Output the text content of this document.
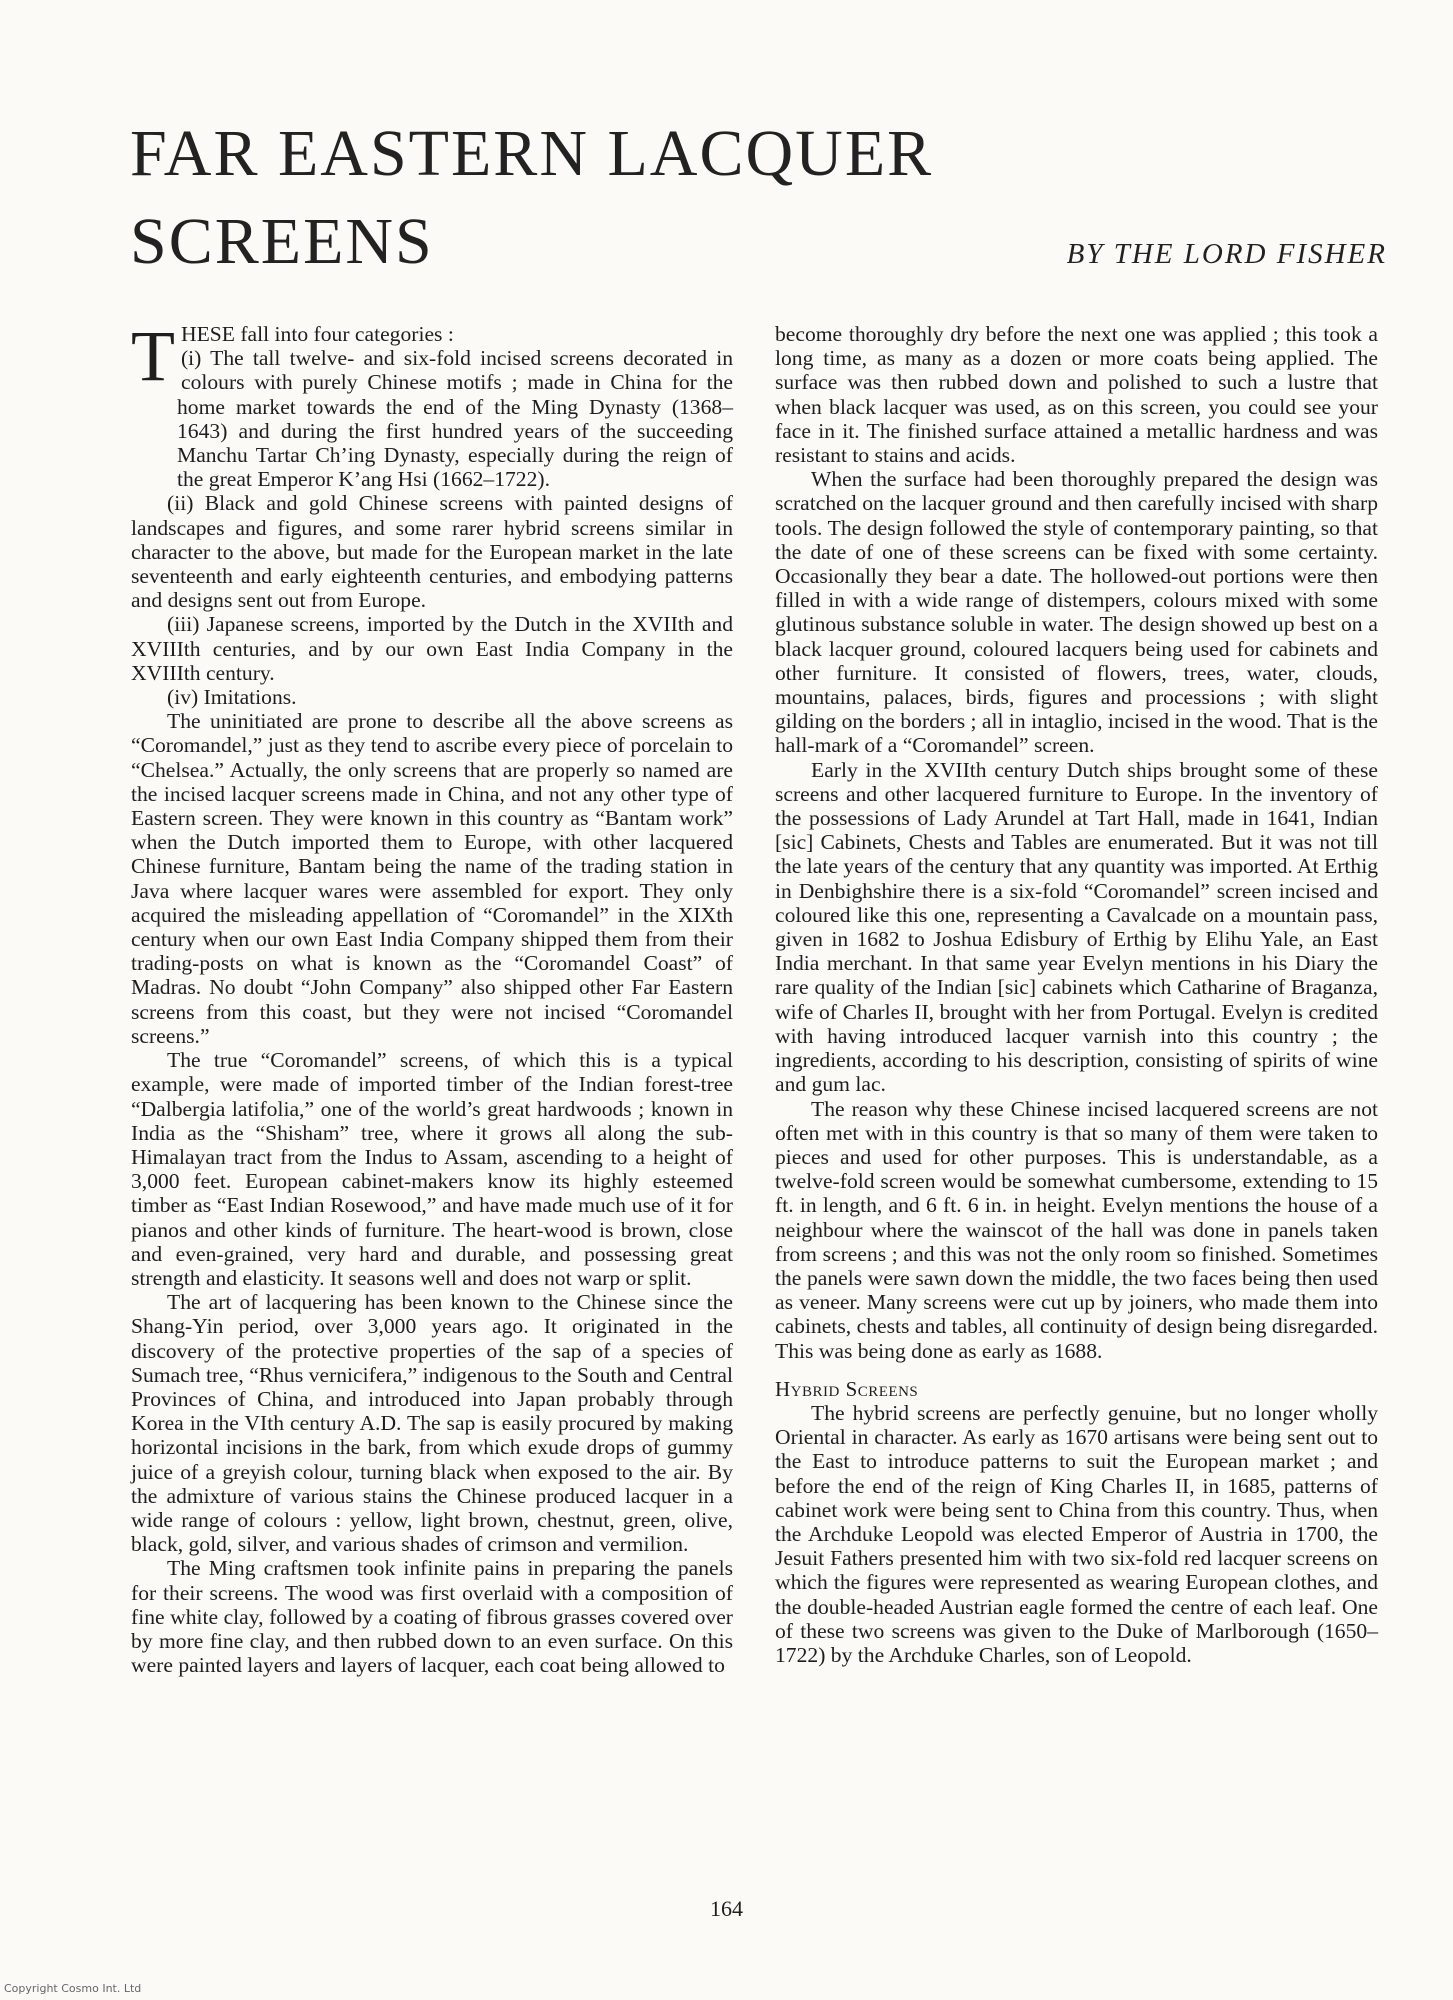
FAR EASTERN LACQUER SCREENS	BY THE LORD FISHER

THESE fall into four categories :

(i) The tall twelve- and six-fold incised screens decorated in colours with purely Chinese motifs ; made in China for the home market towards the end of the Ming Dynasty (1368–1643) and during the first hundred years of the succeeding Manchu Tartar Ch’ing Dynasty, especially during the reign of the great Emperor K’ang Hsi (1662–1722).

(ii) Black and gold Chinese screens with painted designs of landscapes and figures, and some rarer hybrid screens similar in character to the above, but made for the European market in the late seventeenth and early eighteenth centuries, and embodying patterns and designs sent out from Europe.

(iii) Japanese screens, imported by the Dutch in the XVIIth and XVIIIth centuries, and by our own East India Company in the XVIIIth century.

(iv) Imitations.

The uninitiated are prone to describe all the above screens as “Coromandel,” just as they tend to ascribe every piece of porcelain to “Chelsea.” Actually, the only screens that are properly so named are the incised lacquer screens made in China, and not any other type of Eastern screen. They were known in this country as “Bantam work” when the Dutch imported them to Europe, with other lacquered Chinese furniture, Bantam being the name of the trading station in Java where lacquer wares were assembled for export. They only acquired the misleading appellation of “Coromandel” in the XIXth century when our own East India Company shipped them from their trading-posts on what is known as the “Coromandel Coast” of Madras. No doubt “John Company” also shipped other Far Eastern screens from this coast, but they were not incised “Coromandel screens.”

The true “Coromandel” screens, of which this is a typical example, were made of imported timber of the Indian forest-tree “Dalbergia latifolia,” one of the world’s great hardwoods ; known in India as the “Shisham” tree, where it grows all along the sub-Himalayan tract from the Indus to Assam, ascending to a height of 3,000 feet. European cabinet-makers know its highly esteemed timber as “East Indian Rosewood,” and have made much use of it for pianos and other kinds of furniture. The heart-wood is brown, close and even-grained, very hard and durable, and possessing great strength and elasticity. It seasons well and does not warp or split.

The art of lacquering has been known to the Chinese since the Shang-Yin period, over 3,000 years ago. It originated in the discovery of the protective properties of the sap of a species of Sumach tree, “Rhus vernicifera,” indigenous to the South and Central Provinces of China, and introduced into Japan probably through Korea in the VIth century A.D. The sap is easily procured by making horizontal incisions in the bark, from which exude drops of gummy juice of a greyish colour, turning black when exposed to the air. By the admixture of various stains the Chinese produced lacquer in a wide range of colours : yellow, light brown, chestnut, green, olive, black, gold, silver, and various shades of crimson and vermilion.

The Ming craftsmen took infinite pains in preparing the panels for their screens. The wood was first overlaid with a composition of fine white clay, followed by a coating of fibrous grasses covered over by more fine clay, and then rubbed down to an even surface. On this were painted layers and layers of lacquer, each coat being allowed to

become thoroughly dry before the next one was applied ; this took a long time, as many as a dozen or more coats being applied. The surface was then rubbed down and polished to such a lustre that when black lacquer was used, as on this screen, you could see your face in it. The finished surface attained a metallic hardness and was resistant to stains and acids.

When the surface had been thoroughly prepared the design was scratched on the lacquer ground and then carefully incised with sharp tools. The design followed the style of contemporary painting, so that the date of one of these screens can be fixed with some certainty. Occasionally they bear a date. The hollowed-out portions were then filled in with a wide range of distempers, colours mixed with some glutinous substance soluble in water. The design showed up best on a black lacquer ground, coloured lacquers being used for cabinets and other furniture. It consisted of flowers, trees, water, clouds, mountains, palaces, birds, figures and processions ; with slight gilding on the borders ; all in intaglio, incised in the wood. That is the hall-mark of a “Coromandel” screen.

Early in the XVIIth century Dutch ships brought some of these screens and other lacquered furniture to Europe. In the inventory of the possessions of Lady Arundel at Tart Hall, made in 1641, Indian [sic] Cabinets, Chests and Tables are enumerated. But it was not till the late years of the century that any quantity was imported. At Erthig in Denbighshire there is a six-fold “Coromandel” screen incised and coloured like this one, representing a Cavalcade on a mountain pass, given in 1682 to Joshua Edisbury of Erthig by Elihu Yale, an East India merchant. In that same year Evelyn mentions in his Diary the rare quality of the Indian [sic] cabinets which Catharine of Braganza, wife of Charles II, brought with her from Portugal. Evelyn is credited with having introduced lacquer varnish into this country ; the ingredients, according to his description, consisting of spirits of wine and gum lac.

The reason why these Chinese incised lacquered screens are not often met with in this country is that so many of them were taken to pieces and used for other purposes. This is understandable, as a twelve-fold screen would be somewhat cumbersome, extending to 15 ft. in length, and 6 ft. 6 in. in height. Evelyn mentions the house of a neighbour where the wainscot of the hall was done in panels taken from screens ; and this was not the only room so finished. Sometimes the panels were sawn down the middle, the two faces being then used as veneer. Many screens were cut up by joiners, who made them into cabinets, chests and tables, all continuity of design being disregarded. This was being done as early as 1688.

Hybrid Screens

The hybrid screens are perfectly genuine, but no longer wholly Oriental in character. As early as 1670 artisans were being sent out to the East to introduce patterns to suit the European market ; and before the end of the reign of King Charles II, in 1685, patterns of cabinet work were being sent to China from this country. Thus, when the Archduke Leopold was elected Emperor of Austria in 1700, the Jesuit Fathers presented him with two six-fold red lacquer screens on which the figures were represented as wearing European clothes, and the double-headed Austrian eagle formed the centre of each leaf. One of these two screens was given to the Duke of Marlborough (1650–1722) by the Archduke Charles, son of Leopold.

164
Copyright Cosmo Int. Ltd
